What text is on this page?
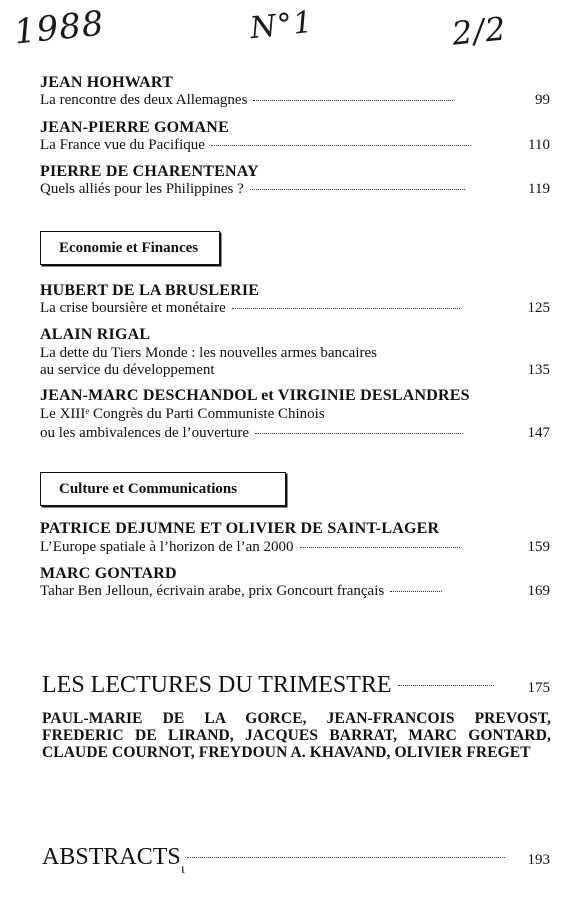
1988	N°1	2/2
JEAN HOHWART
La rencontre des deux Allemagnes	99
JEAN-PIERRE GOMANE
La France vue du Pacifique	110
PIERRE DE CHARENTENAY
Quels alliés pour les Philippines ?	119
Economie et Finances
HUBERT DE LA BRUSLERIE
La crise boursière et monétaire	125
ALAIN RIGAL
La dette du Tiers Monde : les nouvelles armes bancaires
au service du développement	135
JEAN-MARC DESCHANDOL et VIRGINIE DESLANDRES
Le XIIIᵉ Congrès du Parti Communiste Chinois
ou les ambivalences de l’ouverture	147
Culture et Communications
PATRICE DEJUMNE ET OLIVIER DE SAINT-LAGER
L’Europe spatiale à l’horizon de l’an 2000	159
MARC GONTARD
Tahar Ben Jelloun, écrivain arabe, prix Goncourt français	169
LES LECTURES DU TRIMESTRE	175
PAUL-MARIE DE LA GORCE, JEAN-FRANCOIS PREVOST, FREDERIC DE LIRAND, JACQUES BARRAT, MARC GONTARD, CLAUDE COURNOT, FREYDOUN A. KHAVAND, OLIVIER FREGET
ABSTRACTS	193
ι
